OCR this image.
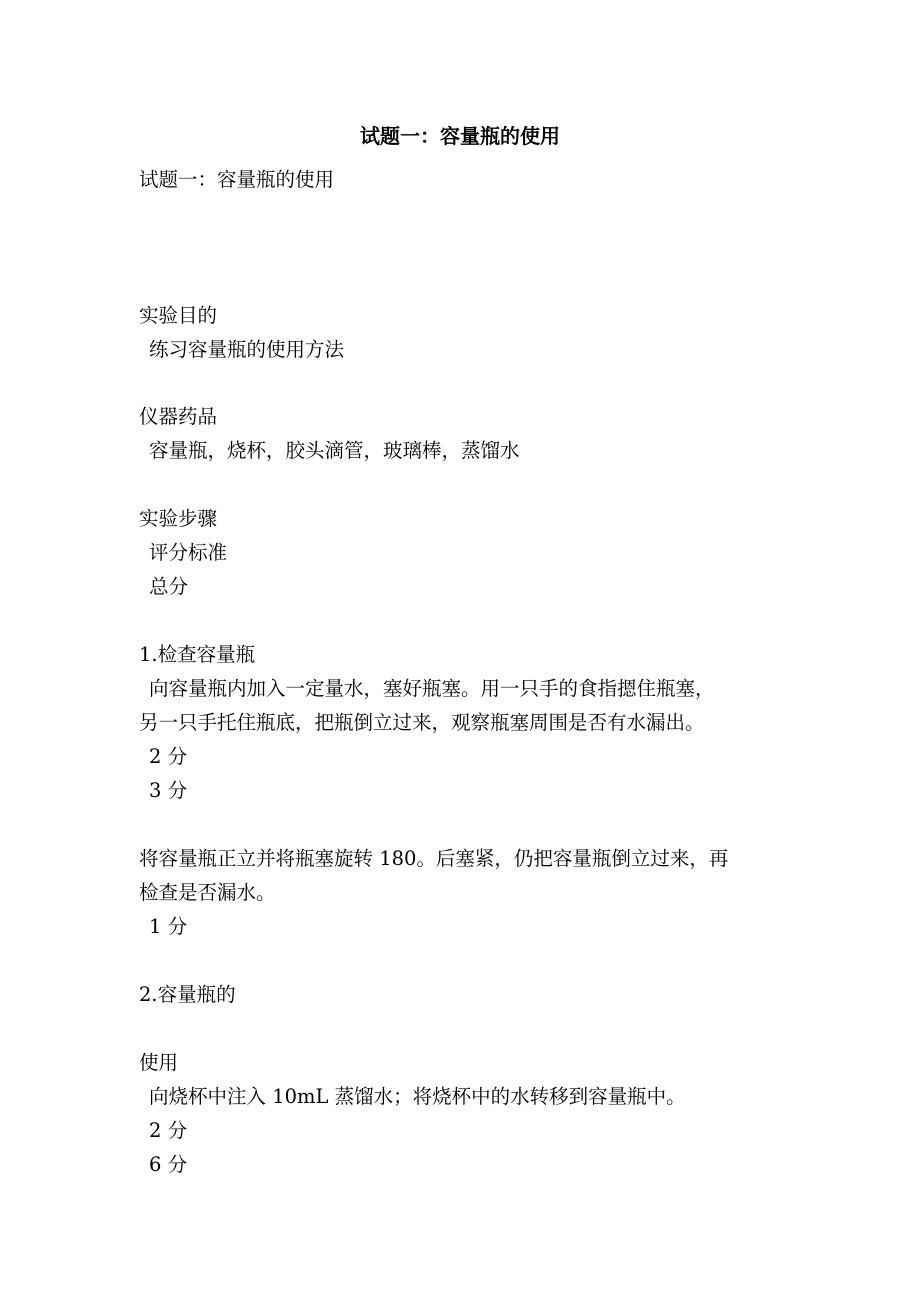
试题一：容量瓶的使用
试题一：容量瓶的使用
实验目的
练习容量瓶的使用方法
仪器药品
容量瓶，烧杯，胶头滴管，玻璃棒，蒸馏水
实验步骤
评分标准
总分
1.检查容量瓶
向容量瓶内加入一定量水，塞好瓶塞。用一只手的食指摁住瓶塞，
另一只手托住瓶底，把瓶倒立过来，观察瓶塞周围是否有水漏出。
2 分
3 分
将容量瓶正立并将瓶塞旋转 180。后塞紧，仍把容量瓶倒立过来，再
检查是否漏水。
1 分
2.容量瓶的
使用
向烧杯中注入 10mL 蒸馏水；将烧杯中的水转移到容量瓶中。
2 分
6 分
